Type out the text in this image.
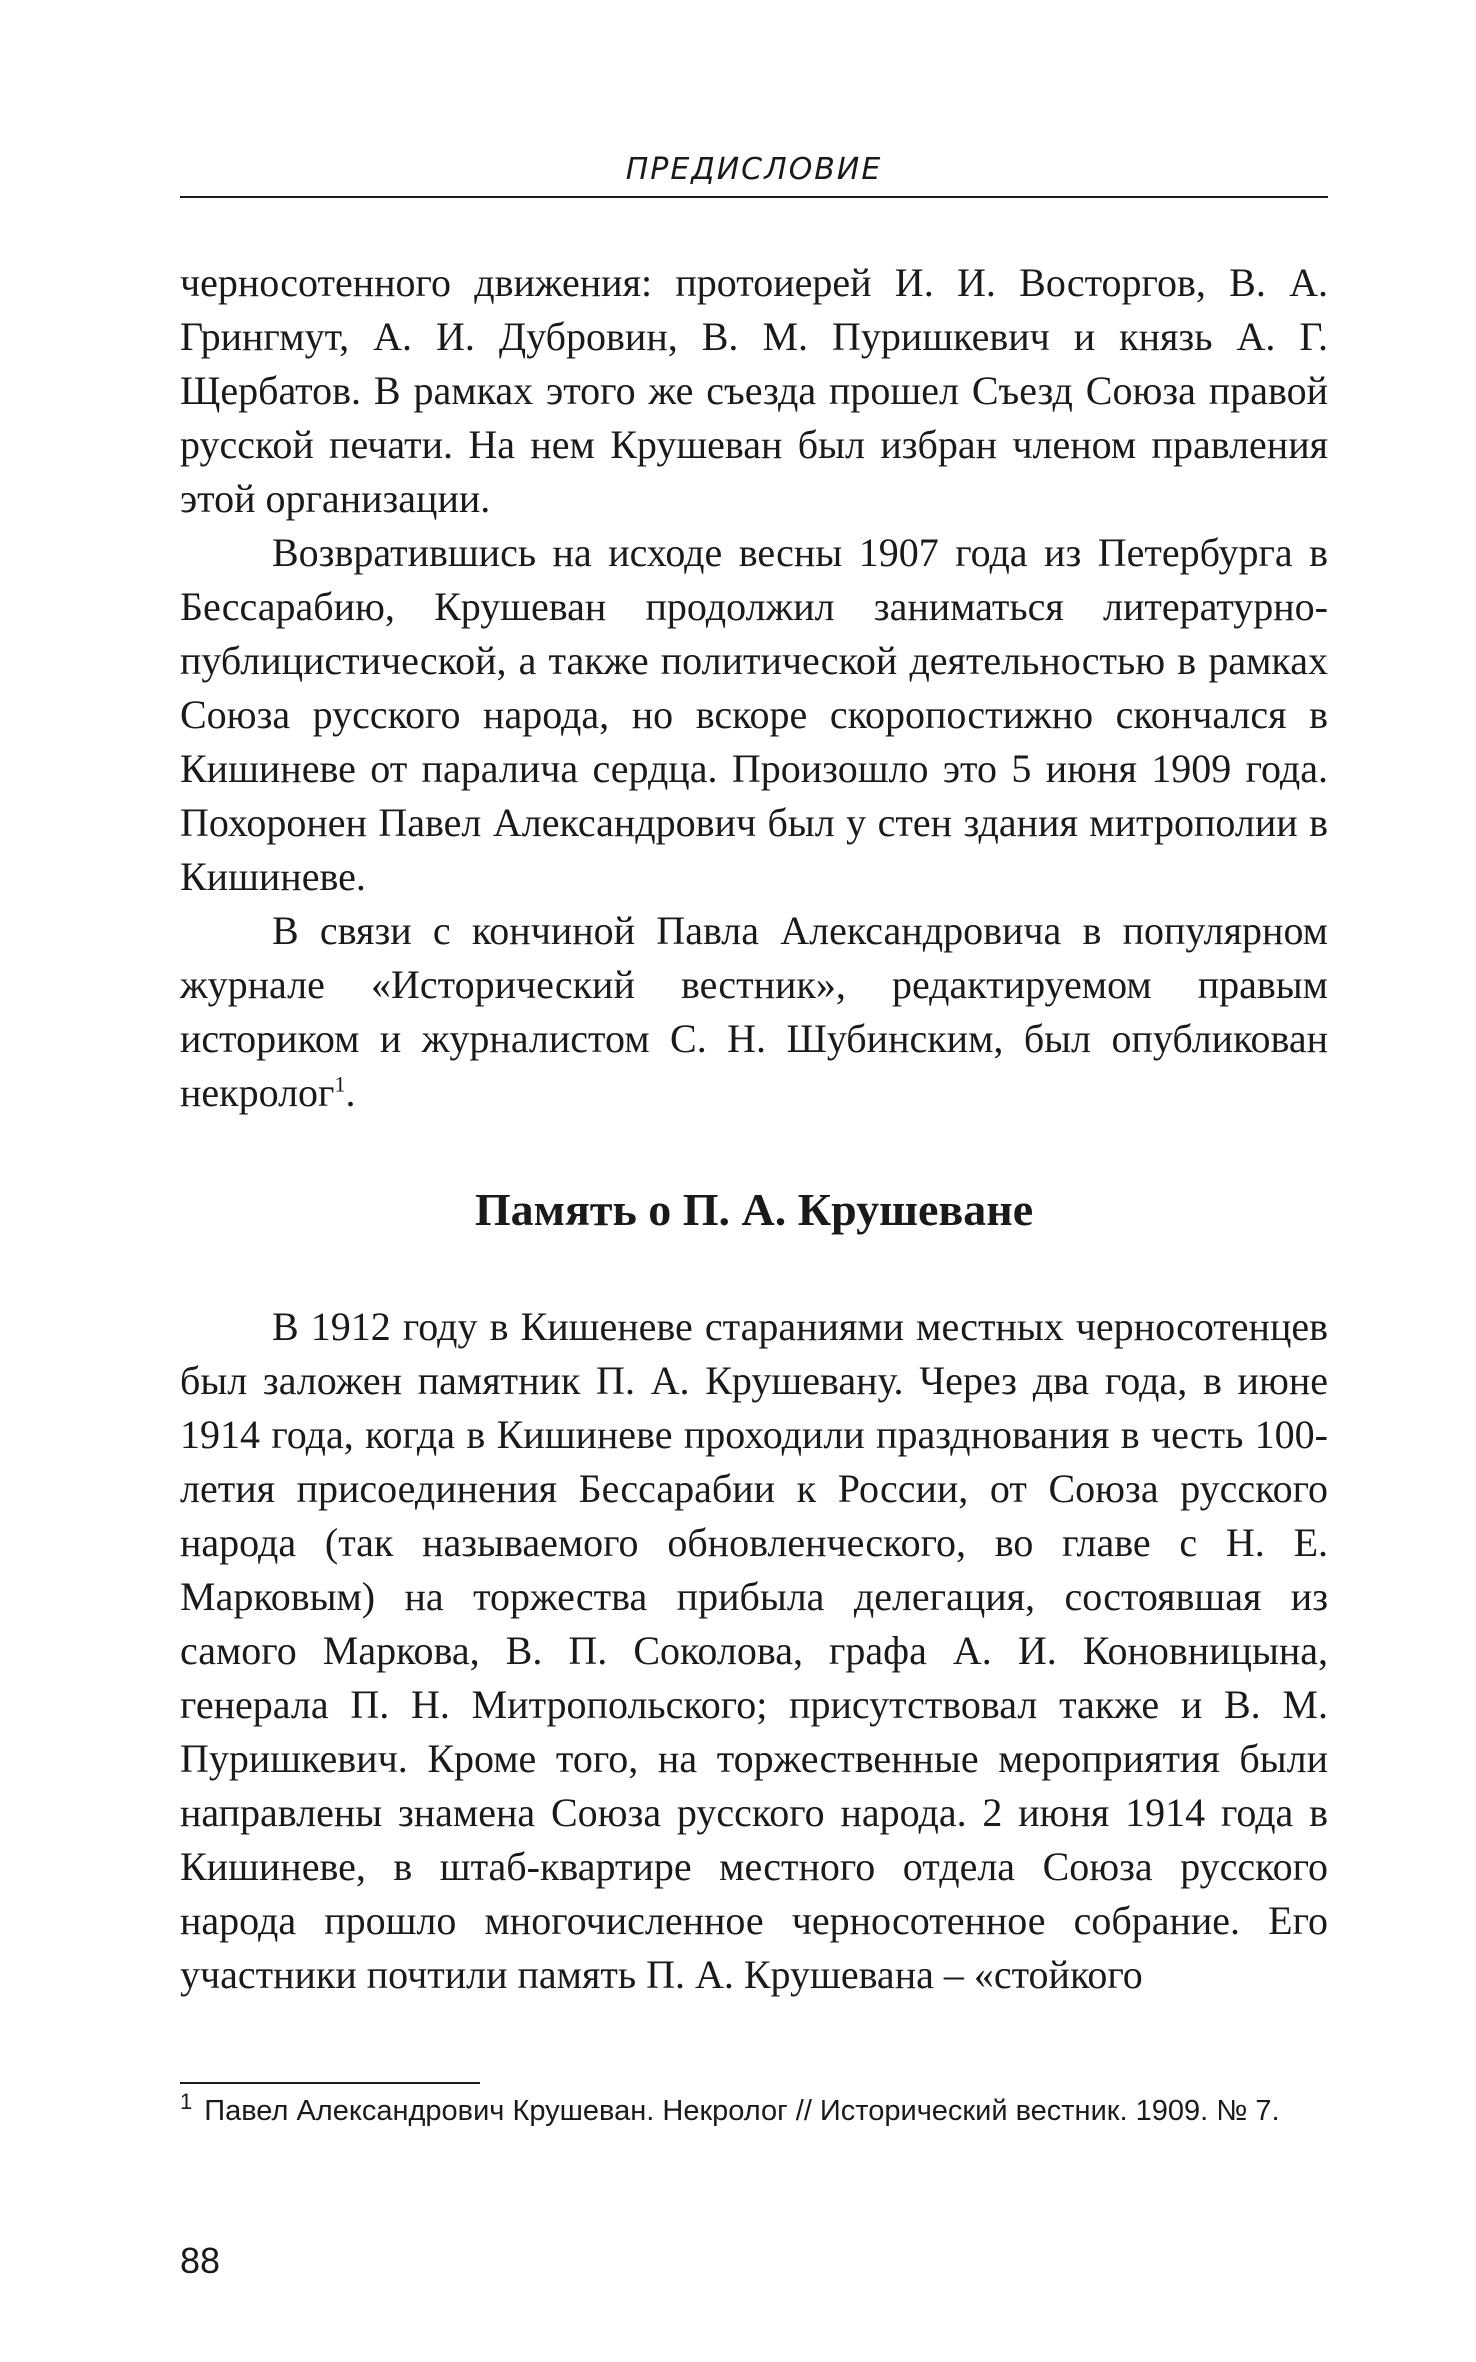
ПРЕДИСЛОВИЕ

черносотенного движения: протоиерей И. И. Восторгов, В. А. Грингмут, А. И. Дубровин, В. М. Пуришкевич и князь А. Г. Щербатов. В рамках этого же съезда прошел Съезд Союза правой русской печати. На нем Крушеван был избран членом правления этой организации.

Возвратившись на исходе весны 1907 года из Петербурга в Бессарабию, Крушеван продолжил заниматься литературно-публицистической, а также политической деятельностью в рамках Союза русского народа, но вскоре скоропостижно скончался в Кишиневе от паралича сердца. Произошло это 5 июня 1909 года. Похоронен Павел Александрович был у стен здания митрополии в Кишиневе.

В связи с кончиной Павла Александровича в популярном журнале «Исторический вестник», редактируемом правым историком и журналистом С. Н. Шубинским, был опубликован некролог$^1$.

Память о П. А. Крушеване

В 1912 году в Кишеневе стараниями местных черносотенцев был заложен памятник П. А. Крушевану. Через два года, в июне 1914 года, когда в Кишиневе проходили празднования в честь 100-летия присоединения Бессарабии к России, от Союза русского народа (так называемого обновленческого, во главе с Н. Е. Марковым) на торжества прибыла делегация, состоявшая из самого Маркова, В. П. Соколова, графа А. И. Коновницына, генерала П. Н. Митропольского; присутствовал также и В. М. Пуришкевич. Кроме того, на торжественные мероприятия были направлены знамена Союза русского народа. 2 июня 1914 года в Кишиневе, в штаб-квартире местного отдела Союза русского народа прошло многочисленное черносотенное собрание. Его участники почтили память П. А. Крушевана – «стойкого

$^1$ Павел Александрович Крушеван. Некролог // Исторический вестник. 1909. № 7.
88
